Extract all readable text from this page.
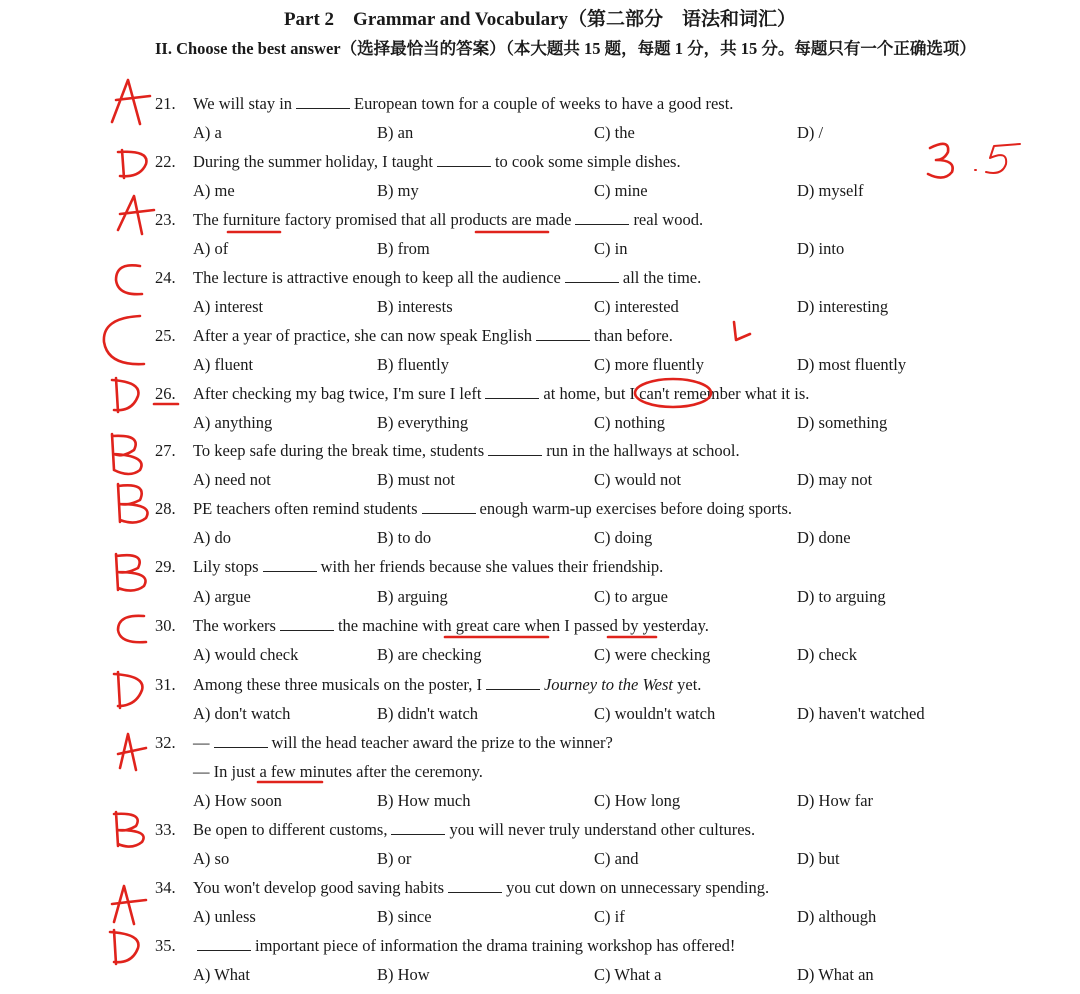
Part 2　Grammar and Vocabulary（第二部分　语法和词汇）
II. Choose the best answer（选择最恰当的答案）（本大题共 15 题，每题 1 分，共 15 分。每题只有一个正确选项）
21. We will stay in	European town for a couple of weeks to have a good rest.
A) a	B) an	C) the	D) /
22. During the summer holiday, I taught	to cook some simple dishes.
A) me	B) my	C) mine	D) myself
23. The furniture factory promised that all products are made	real wood.
A) of	B) from	C) in	D) into
24. The lecture is attractive enough to keep all the audience	all the time.
A) interest	B) interests	C) interested	D) interesting
25. After a year of practice, she can now speak English	than before.
A) fluent	B) fluently	C) more fluently	D) most fluently
26. After checking my bag twice, I'm sure I left	at home, but I can't remember what it is.
A) anything	B) everything	C) nothing	D) something
27. To keep safe during the break time, students	run in the hallways at school.
A) need not	B) must not	C) would not	D) may not
28. PE teachers often remind students	enough warm-up exercises before doing sports.
A) do	B) to do	C) doing	D) done
29. Lily stops	with her friends because she values their friendship.
A) argue	B) arguing	C) to argue	D) to arguing
30. The workers	the machine with great care when I passed by yesterday.
A) would check	B) are checking	C) were checking	D) check
31. Among these three musicals on the poster, I	Journey to the West yet.
A) don't watch	B) didn't watch	C) wouldn't watch	D) haven't watched
32. —	will the head teacher award the prize to the winner?
— In just a few minutes after the ceremony.
A) How soon	B) How much	C) How long	D) How far
33. Be open to different customs,	you will never truly understand other cultures.
A) so	B) or	C) and	D) but
34. You won't develop good saving habits	you cut down on unnecessary spending.
A) unless	B) since	C) if	D) although
35.	important piece of information the drama training workshop has offered!
A) What	B) How	C) What a	D) What an
